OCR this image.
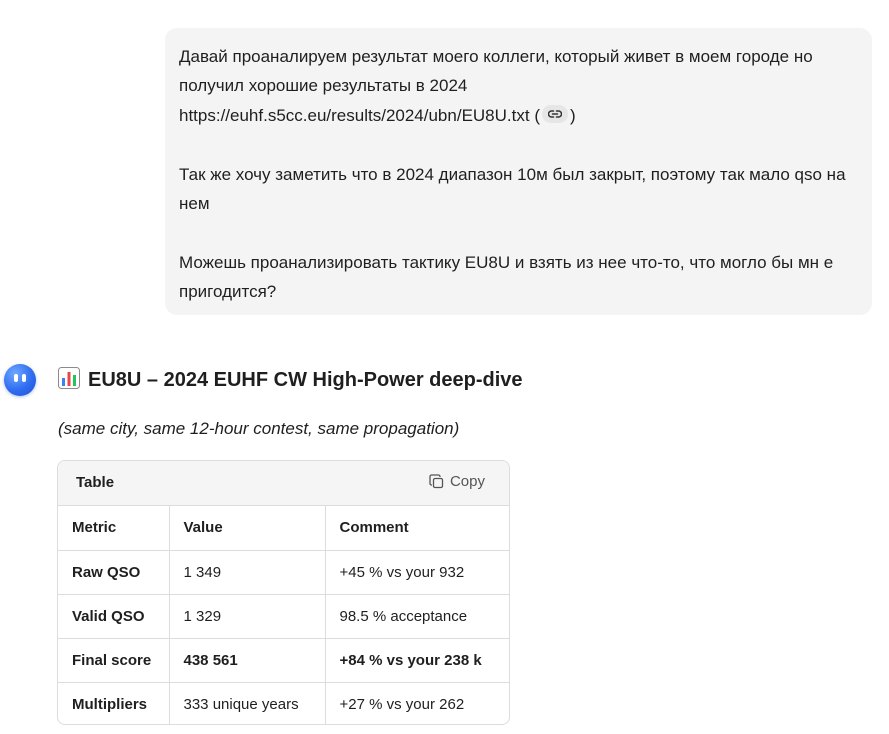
Давай проаналируем результат моего коллеги, который живет в моем городе но получил хорошие результаты в 2024
https://euhf.s5cc.eu/results/2024/ubn/EU8U.txt ( )

Так же хочу заметить что в 2024 диапазон 10м был закрыт, поэтому так мало qso на нем

Можешь проанализировать тактику EU8U и взять из нее что-то, что могло бы мн е пригодится?

EU8U – 2024 EUHF CW High-Power deep-dive
(same city, same 12-hour contest, same propagation)
Table	Copy
Metric	Value	Comment
Raw QSO	1 349	+45 % vs your 932
Valid QSO	1 329	98.5 % acceptance
Final score	438 561	+84 % vs your 238 k
Multipliers	333 unique years	+27 % vs your 262
